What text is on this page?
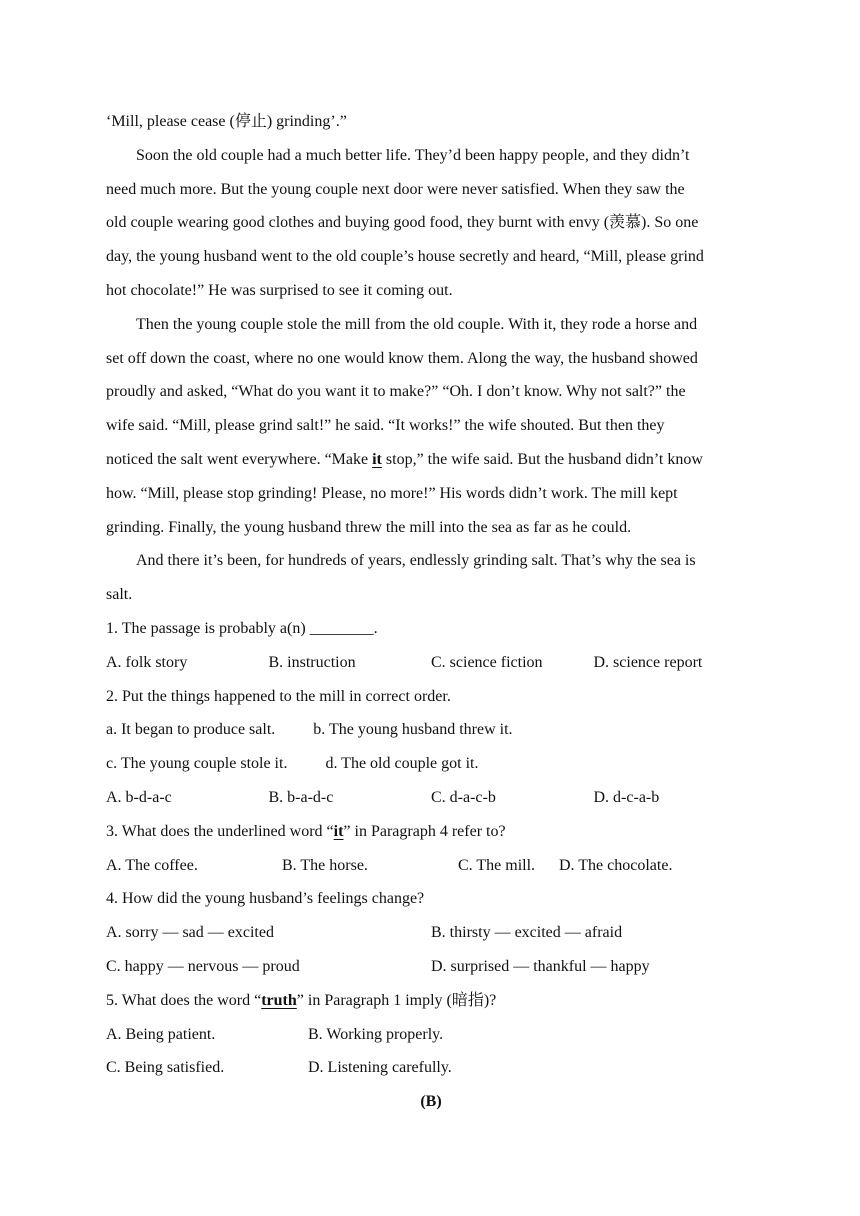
‘Mill, please cease (停止) grinding’.”
Soon the old couple had a much better life. They’d been happy people, and they didn’t
need much more. But the young couple next door were never satisfied. When they saw the
old couple wearing good clothes and buying good food, they burnt with envy (羡慕). So one
day, the young husband went to the old couple’s house secretly and heard, “Mill, please grind
hot chocolate!” He was surprised to see it coming out.
Then the young couple stole the mill from the old couple. With it, they rode a horse and
set off down the coast, where no one would know them. Along the way, the husband showed
proudly and asked, “What do you want it to make?” “Oh. I don’t know. Why not salt?” the
wife said. “Mill, please grind salt!” he said. “It works!” the wife shouted. But then they
noticed the salt went everywhere. “Make it stop,” the wife said. But the husband didn’t know
how. “Mill, please stop grinding! Please, no more!” His words didn’t work. The mill kept
grinding. Finally, the young husband threw the mill into the sea as far as he could.
And there it’s been, for hundreds of years, endlessly grinding salt. That’s why the sea is
salt.
1. The passage is probably a(n) ________.
A. folk story	B. instruction	C. science fiction	D. science report
2. Put the things happened to the mill in correct order.
a. It began to produce salt. b. The young husband threw it.
c. The young couple stole it. d. The old couple got it.
A. b-d-a-c	B. b-a-d-c	C. d-a-c-b	D. d-c-a-b
3. What does the underlined word “it” in Paragraph 4 refer to?
A. The coffee.	B. The horse.	C. The mill. D. The chocolate.
4. How did the young husband’s feelings change?
A. sorry — sad — excited	B. thirsty — excited — afraid
C. happy — nervous — proud	D. surprised — thankful — happy
5. What does the word “truth” in Paragraph 1 imply (暗指)?
A. Being patient.	B. Working properly.
C. Being satisfied.	D. Listening carefully.
(B)
